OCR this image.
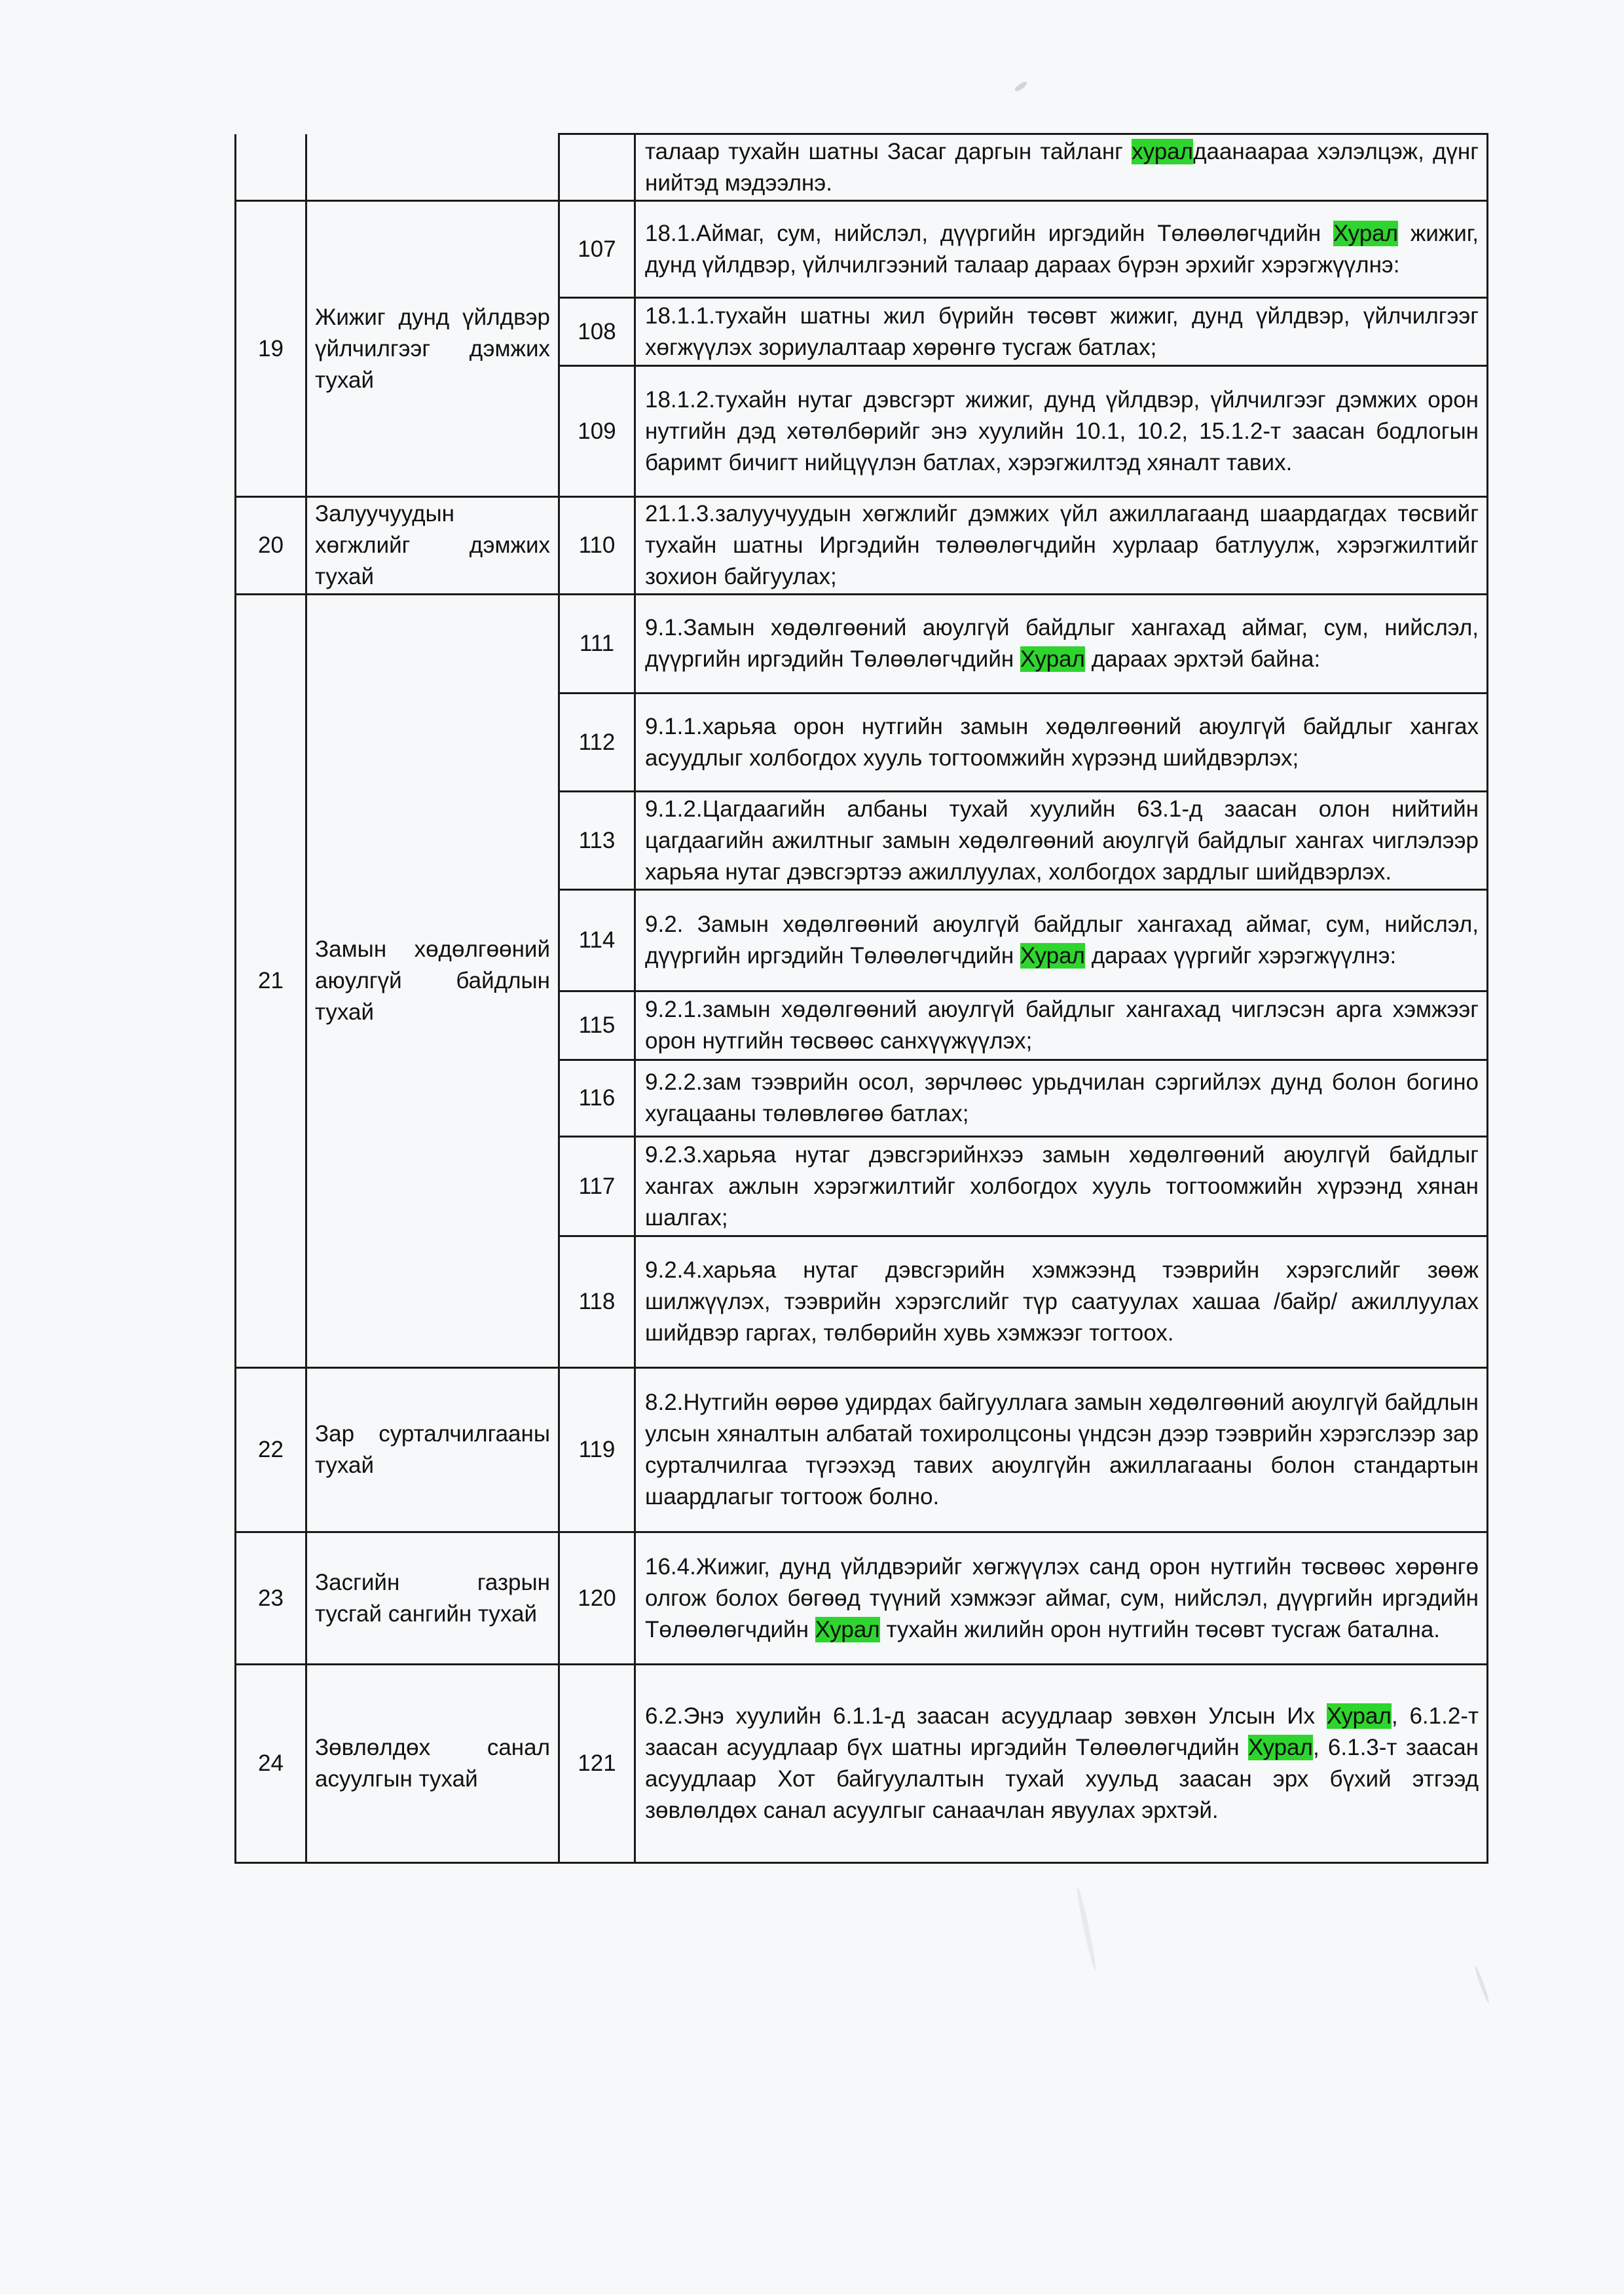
			талаар тухайн шатны Засаг даргын тайланг хуралдаанаараа хэлэлцэж, дүнг нийтэд мэдээлнэ.
19	Жижиг дунд үйлдвэр үйлчилгээг дэмжих тухай	107	18.1.Аймаг, сум, нийслэл, дүүргийн иргэдийн Төлөөлөгчдийн Хурал жижиг, дунд үйлдвэр, үйлчилгээний талаар дараах бүрэн эрхийг хэрэгжүүлнэ:
		108	18.1.1.тухайн шатны жил бүрийн төсөвт жижиг, дунд үйлдвэр, үйлчилгээг хөгжүүлэх зориулалтаар хөрөнгө тусгаж батлах;
		109	18.1.2.тухайн нутаг дэвсгэрт жижиг, дунд үйлдвэр, үйлчилгээг дэмжих орон нутгийн дэд хөтөлбөрийг энэ хуулийн 10.1, 10.2, 15.1.2-т заасан бодлогын баримт бичигт нийцүүлэн батлах, хэрэгжилтэд хяналт тавих.
20	Залуучуудын хөгжлийг дэмжих тухай	110	21.1.3.залуучуудын хөгжлийг дэмжих үйл ажиллагаанд шаардагдах төсвийг тухайн шатны Иргэдийн төлөөлөгчдийн хурлаар батлуулж, хэрэгжилтийг зохион байгуулах;
21	Замын хөдөлгөөний аюулгүй байдлын тухай	111	9.1.Замын хөдөлгөөний аюулгүй байдлыг хангахад аймаг, сум, нийслэл, дүүргийн иргэдийн Төлөөлөгчдийн Хурал дараах эрхтэй байна:
		112	9.1.1.харьяа орон нутгийн замын хөдөлгөөний аюулгүй байдлыг хангах асуудлыг холбогдох хууль тогтоомжийн хүрээнд шийдвэрлэх;
		113	9.1.2.Цагдаагийн албаны тухай хуулийн 63.1-д заасан олон нийтийн цагдаагийн ажилтныг замын хөдөлгөөний аюулгүй байдлыг хангах чиглэлээр харьяа нутаг дэвсгэртээ ажиллуулах, холбогдох зардлыг шийдвэрлэх.
		114	9.2. Замын хөдөлгөөний аюулгүй байдлыг хангахад аймаг, сум, нийслэл, дүүргийн иргэдийн Төлөөлөгчдийн Хурал дараах үүргийг хэрэгжүүлнэ:
		115	9.2.1.замын хөдөлгөөний аюулгүй байдлыг хангахад чиглэсэн арга хэмжээг орон нутгийн төсвөөс санхүүжүүлэх;
		116	9.2.2.зам тээврийн осол, зөрчлөөс урьдчилан сэргийлэх дунд болон богино хугацааны төлөвлөгөө батлах;
		117	9.2.3.харьяа нутаг дэвсгэрийнхээ замын хөдөлгөөний аюулгүй байдлыг хангах ажлын хэрэгжилтийг холбогдох хууль тогтоомжийн хүрээнд хянан шалгах;
		118	9.2.4.харьяа нутаг дэвсгэрийн хэмжээнд тээврийн хэрэгслийг зөөж шилжүүлэх, тээврийн хэрэгслийг түр саатуулах хашаа /байр/ ажиллуулах шийдвэр гаргах, төлбөрийн хувь хэмжээг тогтоох.
22	Зар сурталчилгааны тухай	119	8.2.Нутгийн өөрөө удирдах байгууллага замын хөдөлгөөний аюулгүй байдлын улсын хяналтын албатай тохиролцсоны үндсэн дээр тээврийн хэрэгслээр зар сурталчилгаа түгээхэд тавих аюулгүйн ажиллагааны болон стандартын шаардлагыг тогтоож болно.
23	Засгийн газрын тусгай сангийн тухай	120	16.4.Жижиг, дунд үйлдвэрийг хөгжүүлэх санд орон нутгийн төсвөөс хөрөнгө олгож болох бөгөөд түүний хэмжээг аймаг, сум, нийслэл, дүүргийн иргэдийн Төлөөлөгчдийн Хурал тухайн жилийн орон нутгийн төсөвт тусгаж батална.
24	Зөвлөлдөх санал асуулгын тухай	121	6.2.Энэ хуулийн 6.1.1-д заасан асуудлаар зөвхөн Улсын Их Хурал, 6.1.2-т заасан асуудлаар бүх шатны иргэдийн Төлөөлөгчдийн Хурал, 6.1.3-т заасан асуудлаар Хот байгуулалтын тухай хуульд заасан эрх бүхий этгээд зөвлөлдөх санал асуулгыг санаачлан явуулах эрхтэй.
